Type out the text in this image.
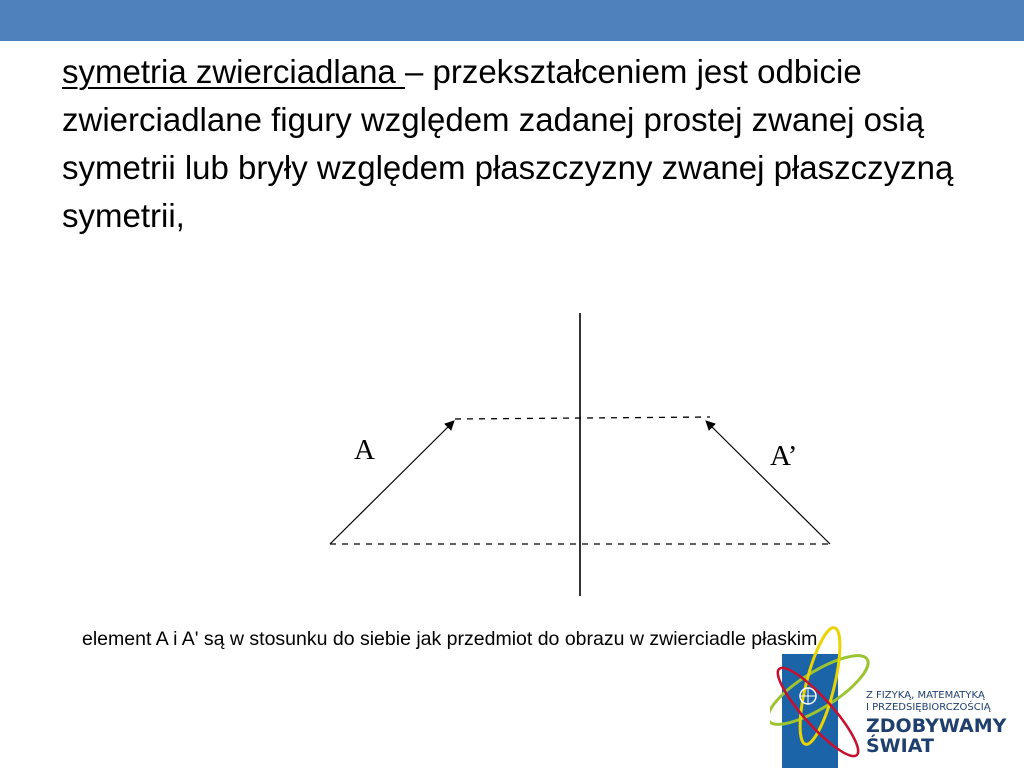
symetria zwierciadlana – przekształceniem jest odbicie zwierciadlane figury względem zadanej prostej zwanej osią symetrii lub bryły względem płaszczyzny zwanej płaszczyzną symetrii,

A	A’

element A i A' są w stosunku do siebie jak przedmiot do obrazu w zwierciadle płaskim.

Z FIZYKĄ, MATEMATYKĄ
I PRZEDSIĘBIORCZOŚCIĄ
ZDOBYWAMY
ŚWIAT
